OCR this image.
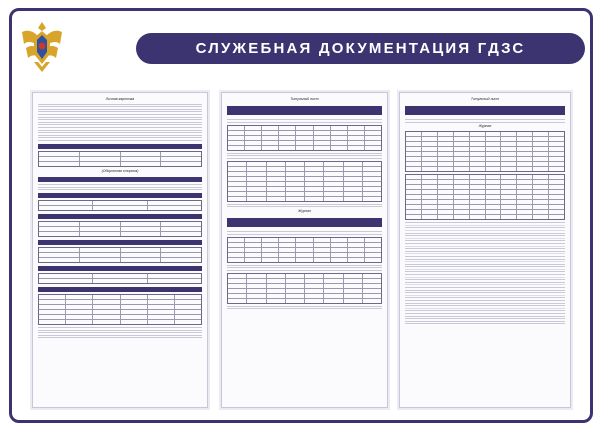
СЛУЖЕБНАЯ ДОКУМЕНТАЦИЯ ГДЗС
Личная карточка
(Оборотная сторона)
Титульный лист
Журнал
Титульный лист
Журнал
